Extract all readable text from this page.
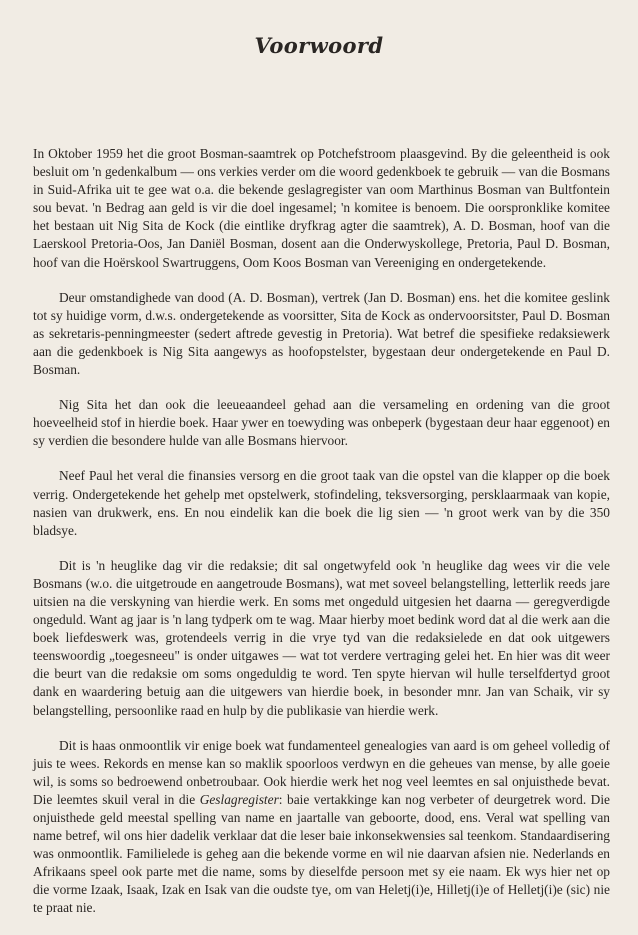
Voorwoord

In Oktober 1959 het die groot Bosman-saamtrek op Potchefstroom plaasgevind. By die geleentheid is ook besluit om 'n gedenkalbum — ons verkies verder om die woord gedenkboek te gebruik — van die Bosmans in Suid-Afrika uit te gee wat o.a. die bekende geslagregister van oom Marthinus Bosman van Bultfontein sou bevat. 'n Bedrag aan geld is vir die doel ingesamel; 'n komitee is benoem. Die oorspronklike komitee het bestaan uit Nig Sita de Kock (die eintlike dryfkrag agter die saamtrek), A. D. Bosman, hoof van die Laerskool Pretoria-Oos, Jan Daniël Bosman, dosent aan die Onderwyskollege, Pretoria, Paul D. Bosman, hoof van die Hoërskool Swartruggens, Oom Koos Bosman van Vereeniging en ondergetekende.

Deur omstandighede van dood (A. D. Bosman), vertrek (Jan D. Bosman) ens. het die komitee geslink tot sy huidige vorm, d.w.s. ondergetekende as voorsitter, Sita de Kock as ondervoorsitster, Paul D. Bosman as sekretaris-penningmeester (sedert aftrede gevestig in Pretoria). Wat betref die spesifieke redaksiewerk aan die gedenkboek is Nig Sita aangewys as hoofopstelster, bygestaan deur ondergetekende en Paul D. Bosman.

Nig Sita het dan ook die leeueaandeel gehad aan die versameling en ordening van die groot hoeveelheid stof in hierdie boek. Haar ywer en toewyding was onbeperk (bygestaan deur haar eggenoot) en sy verdien die besondere hulde van alle Bosmans hiervoor.

Neef Paul het veral die finansies versorg en die groot taak van die opstel van die klapper op die boek verrig. Ondergetekende het gehelp met opstelwerk, stofindeling, teksversorging, persklaarmaak van kopie, nasien van drukwerk, ens. En nou eindelik kan die boek die lig sien — 'n groot werk van by die 350 bladsye.

Dit is 'n heuglike dag vir die redaksie; dit sal ongetwyfeld ook 'n heuglike dag wees vir die vele Bosmans (w.o. die uitgetroude en aangetroude Bosmans), wat met soveel belangstelling, letterlik reeds jare uitsien na die verskyning van hierdie werk. En soms met ongeduld uitgesien het daarna — geregverdigde ongeduld. Want ag jaar is 'n lang tydperk om te wag. Maar hierby moet bedink word dat al die werk aan die boek liefdeswerk was, grotendeels verrig in die vrye tyd van die redaksielede en dat ook uitgewers teenswoordig „toegesneeu" is onder uitgawes — wat tot verdere vertraging gelei het. En hier was dit weer die beurt van die redaksie om soms ongeduldig te word. Ten spyte hiervan wil hulle terselfdertyd groot dank en waardering betuig aan die uitgewers van hierdie boek, in besonder mnr. Jan van Schaik, vir sy belangstelling, persoonlike raad en hulp by die publikasie van hierdie werk.

Dit is haas onmoontlik vir enige boek wat fundamenteel genealogies van aard is om geheel volledig of juis te wees. Rekords en mense kan so maklik spoorloos verdwyn en die geheues van mense, by alle goeie wil, is soms so bedroewend onbetroubaar. Ook hierdie werk het nog veel leemtes en sal onjuisthede bevat. Die leemtes skuil veral in die Geslagregister: baie vertakkinge kan nog verbeter of deurgetrek word. Die onjuisthede geld meestal spelling van name en jaartalle van geboorte, dood, ens. Veral wat spelling van name betref, wil ons hier dadelik verklaar dat die leser baie inkonsekwensies sal teenkom. Standaardisering was onmoontlik. Familielede is geheg aan die bekende vorme en wil nie daarvan afsien nie. Nederlands en Afrikaans speel ook parte met die name, soms by dieselfde persoon met sy eie naam. Ek wys hier net op die vorme Izaak, Isaak, Izak en Isak van die oudste tye, om van Heletj(i)e, Hilletj(i)e of Helletj(i)e (sic) nie te praat nie.
